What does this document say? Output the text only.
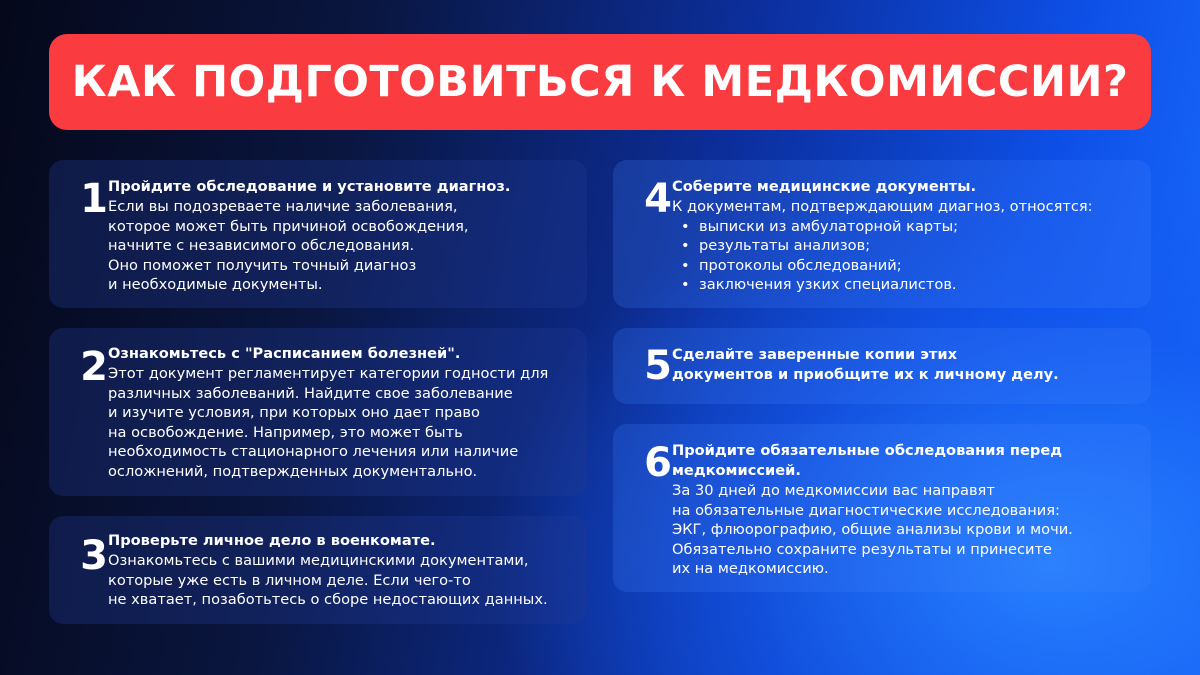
КАК ПОДГОТОВИТЬСЯ К МЕДКОМИССИИ?
1 Пройдите обследование и установите диагноз.
Если вы подозреваете наличие заболевания,
которое может быть причиной освобождения,
начните с независимого обследования.
Оно поможет получить точный диагноз
и необходимые документы.
2 Ознакомьтесь с "Расписанием болезней".
Этот документ регламентирует категории годности для
различных заболеваний. Найдите свое заболевание
и изучите условия, при которых оно дает право
на освобождение. Например, это может быть
необходимость стационарного лечения или наличие
осложнений, подтвержденных документально.
3 Проверьте личное дело в военкомате.
Ознакомьтесь с вашими медицинскими документами,
которые уже есть в личном деле. Если чего-то
не хватает, позаботьтесь о сборе недостающих данных.
4 Соберите медицинские документы.
К документам, подтверждающим диагноз, относятся:
• выписки из амбулаторной карты;
• результаты анализов;
• протоколы обследований;
• заключения узких специалистов.
5 Сделайте заверенные копии этих
документов и приобщите их к личному делу.
6 Пройдите обязательные обследования перед
медкомиссией.
За 30 дней до медкомиссии вас направят
на обязательные диагностические исследования:
ЭКГ, флюорографию, общие анализы крови и мочи.
Обязательно сохраните результаты и принесите
их на медкомиссию.
